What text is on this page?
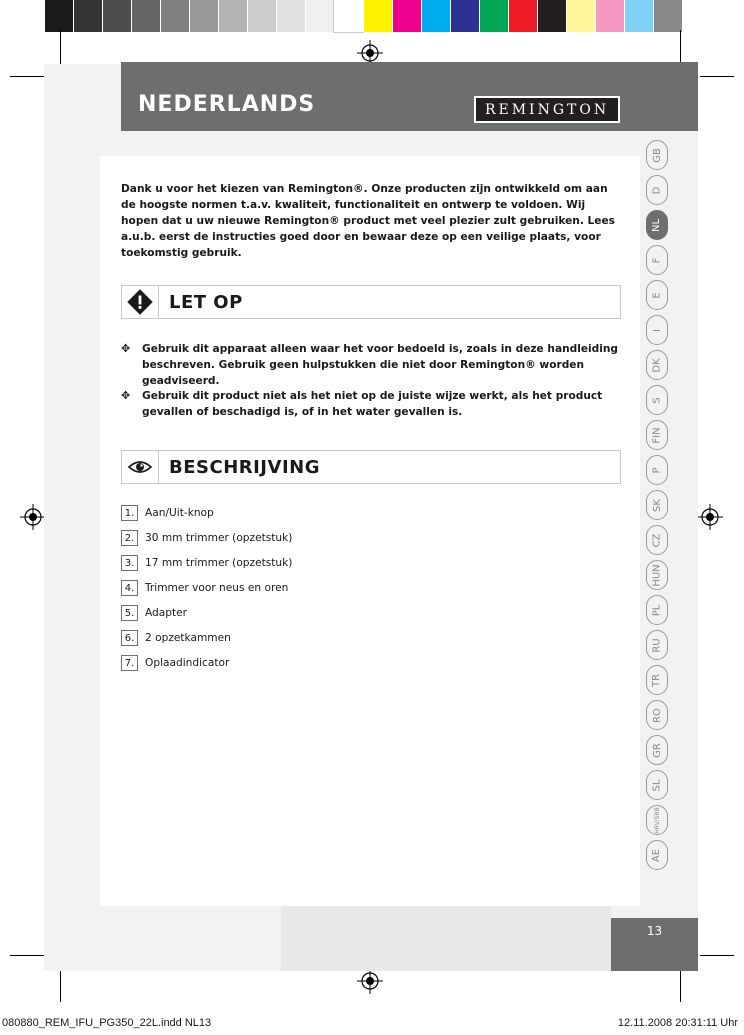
NEDERLANDS	REMINGTON
Dank u voor het kiezen van Remington®. Onze producten zijn ontwikkeld om aan de hoogste normen t.a.v. kwaliteit, functionaliteit en ontwerp te voldoen. Wij hopen dat u uw nieuwe Remington® product met veel plezier zult gebruiken. Lees a.u.b. eerst de instructies goed door en bewaar deze op een veilige plaats, voor toekomstig gebruik.
LET OP
✥	Gebruik dit apparaat alleen waar het voor bedoeld is, zoals in deze handleiding beschreven. Gebruik geen hulpstukken die niet door Remington® worden geadviseerd.
✥	Gebruik dit product niet als het niet op de juiste wijze werkt, als het product gevallen of beschadigd is, of in het water gevallen is.
BESCHRIJVING
1.	Aan/Uit-knop
2.	30 mm trimmer (opzetstuk)
3.	17 mm trimmer (opzetstuk)
4.	Trimmer voor neus en oren
5.	Adapter
6.	2 opzetkammen
7.	Oplaadindicator
GB
D
NL
F
E
I
DK
S
FIN
P
SK
CZ
HUN
PL
RU
TR
RO
GR
SL
HRV/SRB
AE
13
080880_REM_IFU_PG350_22L.indd NL13	12.11.2008 20:31:11 Uhr
